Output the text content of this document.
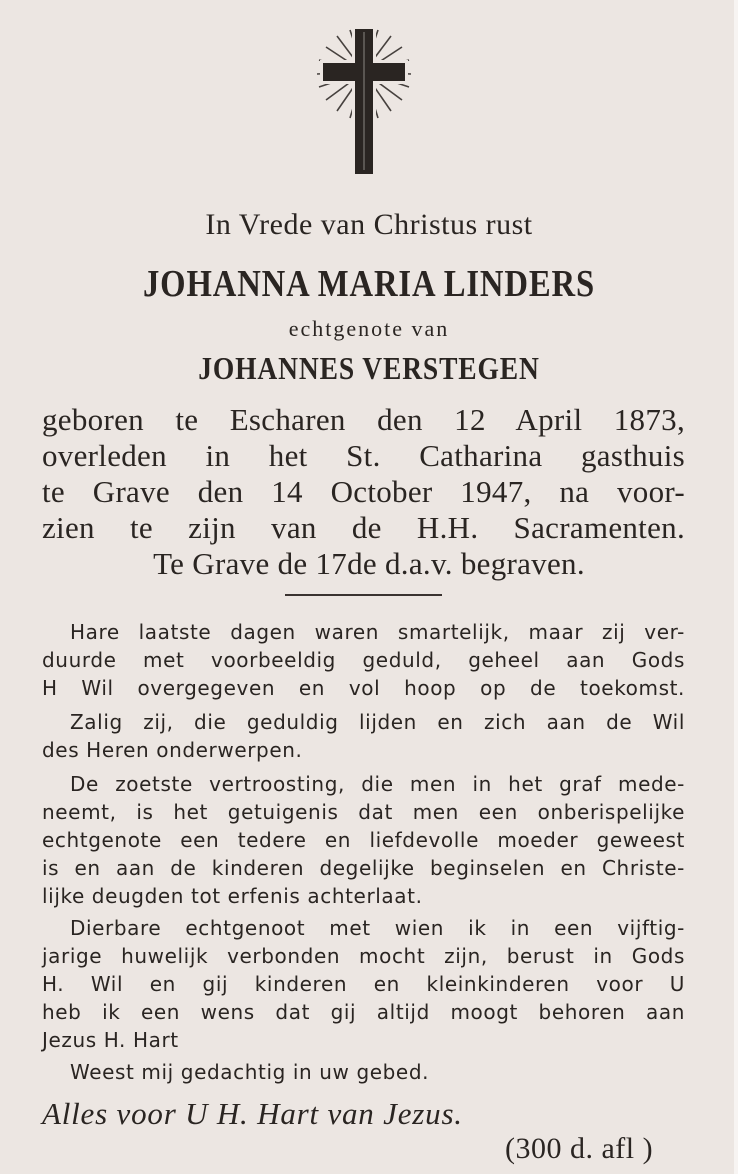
In Vrede van Christus rust
JOHANNA MARIA LINDERS
echtgenote van
JOHANNES VERSTEGEN
geboren te Escharen den 12 April 1873,
overleden in het St. Catharina gasthuis
te Grave den 14 October 1947, na voor-
zien te zijn van de H.H. Sacramenten.
Te Grave de 17de d.a.v. begraven.
Hare laatste dagen waren smartelijk, maar zij ver-
duurde met voorbeeldig geduld, geheel aan Gods
H Wil overgegeven en vol hoop op de toekomst.
Zalig zij, die geduldig lijden en zich aan de Wil
des Heren onderwerpen.
De zoetste vertroosting, die men in het graf mede-
neemt, is het getuigenis dat men een onberispelijke
echtgenote een tedere en liefdevolle moeder geweest
is en aan de kinderen degelijke beginselen en Christe-
lijke deugden tot erfenis achterlaat.
Dierbare echtgenoot met wien ik in een vijftig-
jarige huwelijk verbonden mocht zijn, berust in Gods
H. Wil en gij kinderen en kleinkinderen voor U
heb ik een wens dat gij altijd moogt behoren aan
Jezus H. Hart
Weest mij gedachtig in uw gebed.
Alles voor U H. Hart van Jezus.
(300 d. afl )
